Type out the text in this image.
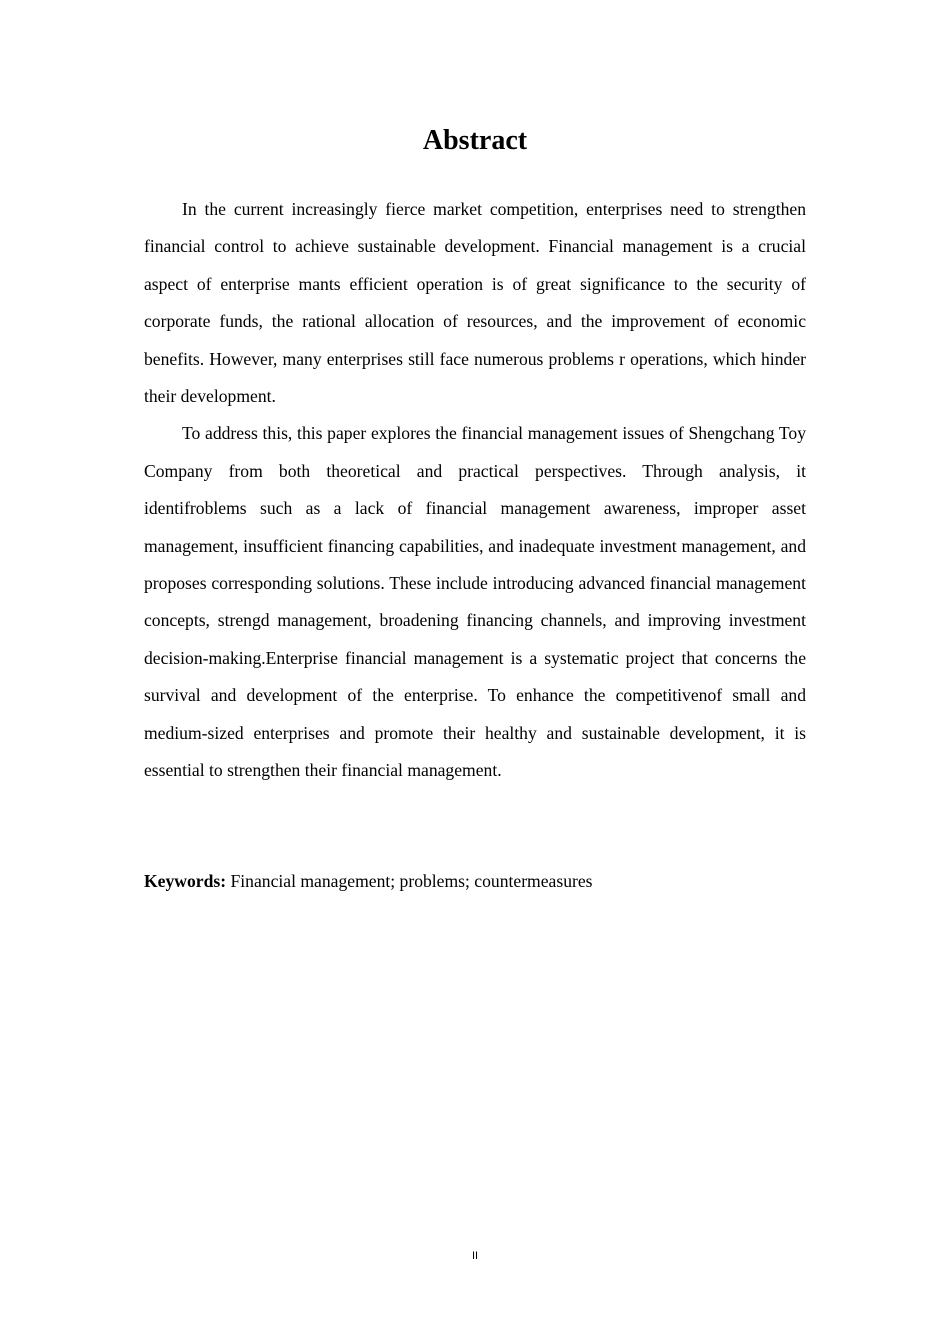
Abstract

In the current increasingly fierce market competition, enterprises need to strengthen financial control to achieve sustainable development. Financial management is a crucial aspect of enterprise mants efficient operation is of great significance to the security of corporate funds, the rational allocation of resources, and the improvement of economic benefits. However, many enterprises still face numerous problems r operations, which hinder their development.

To address this, this paper explores the financial management issues of Shengchang Toy Company from both theoretical and practical perspectives. Through analysis, it identifroblems such as a lack of financial management awareness, improper asset management, insufficient financing capabilities, and inadequate investment management, and proposes corresponding solutions. These include introducing advanced financial management concepts, strengd management, broadening financing channels, and improving investment decision-making.Enterprise financial management is a systematic project that concerns the survival and development of the enterprise. To enhance the competitivenof small and medium-sized enterprises and promote their healthy and sustainable development, it is essential to strengthen their financial management.

Keywords: Financial management; problems; countermeasures

II
